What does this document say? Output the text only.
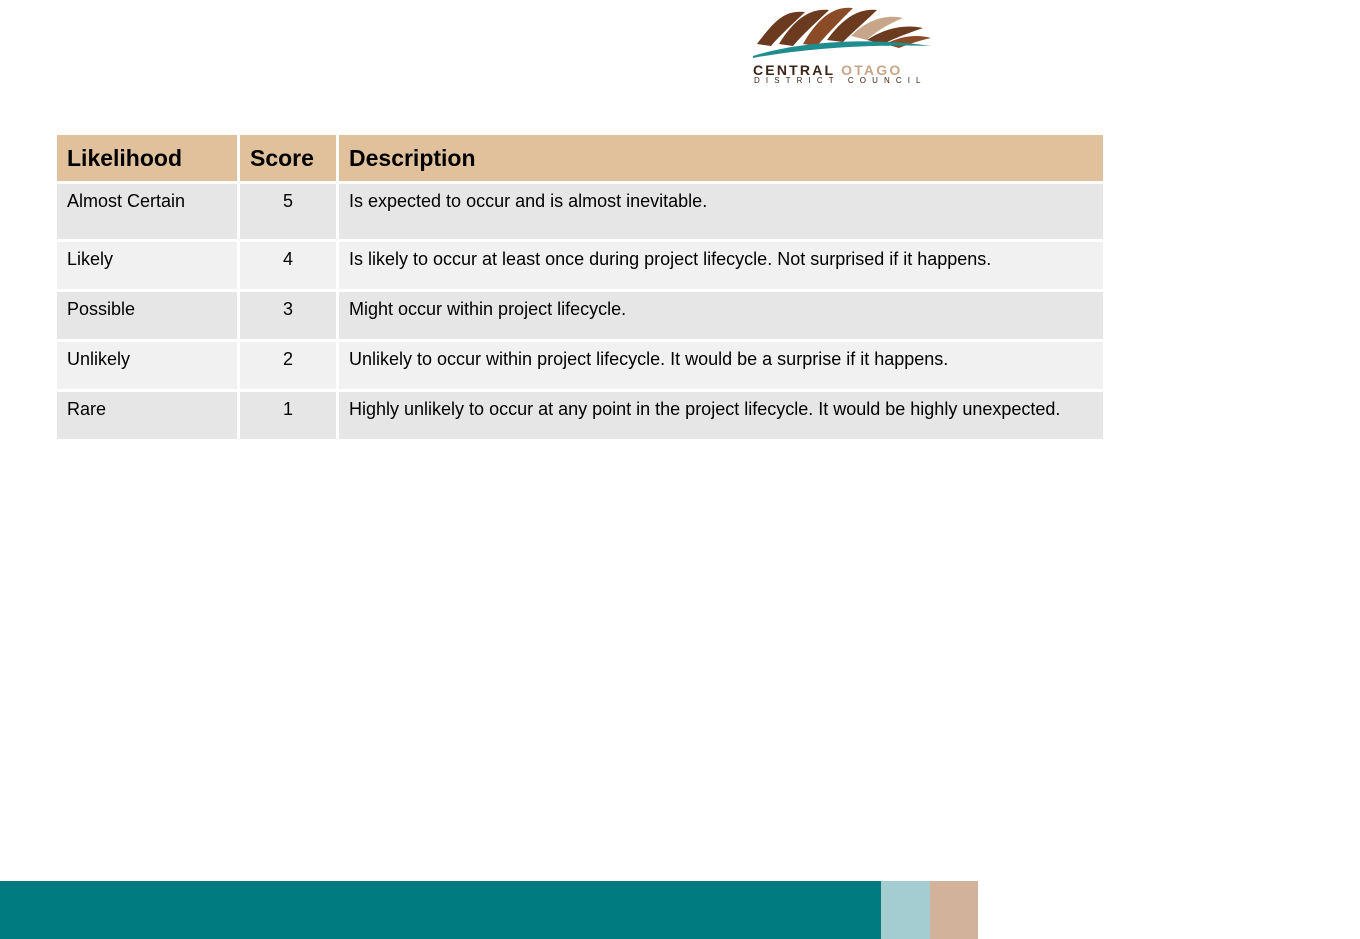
CENTRAL OTAGO
DISTRICT COUNCIL
Likelihood	Score	Description
Almost Certain	5	Is expected to occur and is almost inevitable.
Likely	4	Is likely to occur at least once during project lifecycle. Not surprised if it happens.
Possible	3	Might occur within project lifecycle.
Unlikely	2	Unlikely to occur within project lifecycle. It would be a surprise if it happens.
Rare	1	Highly unlikely to occur at any point in the project lifecycle. It would be highly unexpected.
